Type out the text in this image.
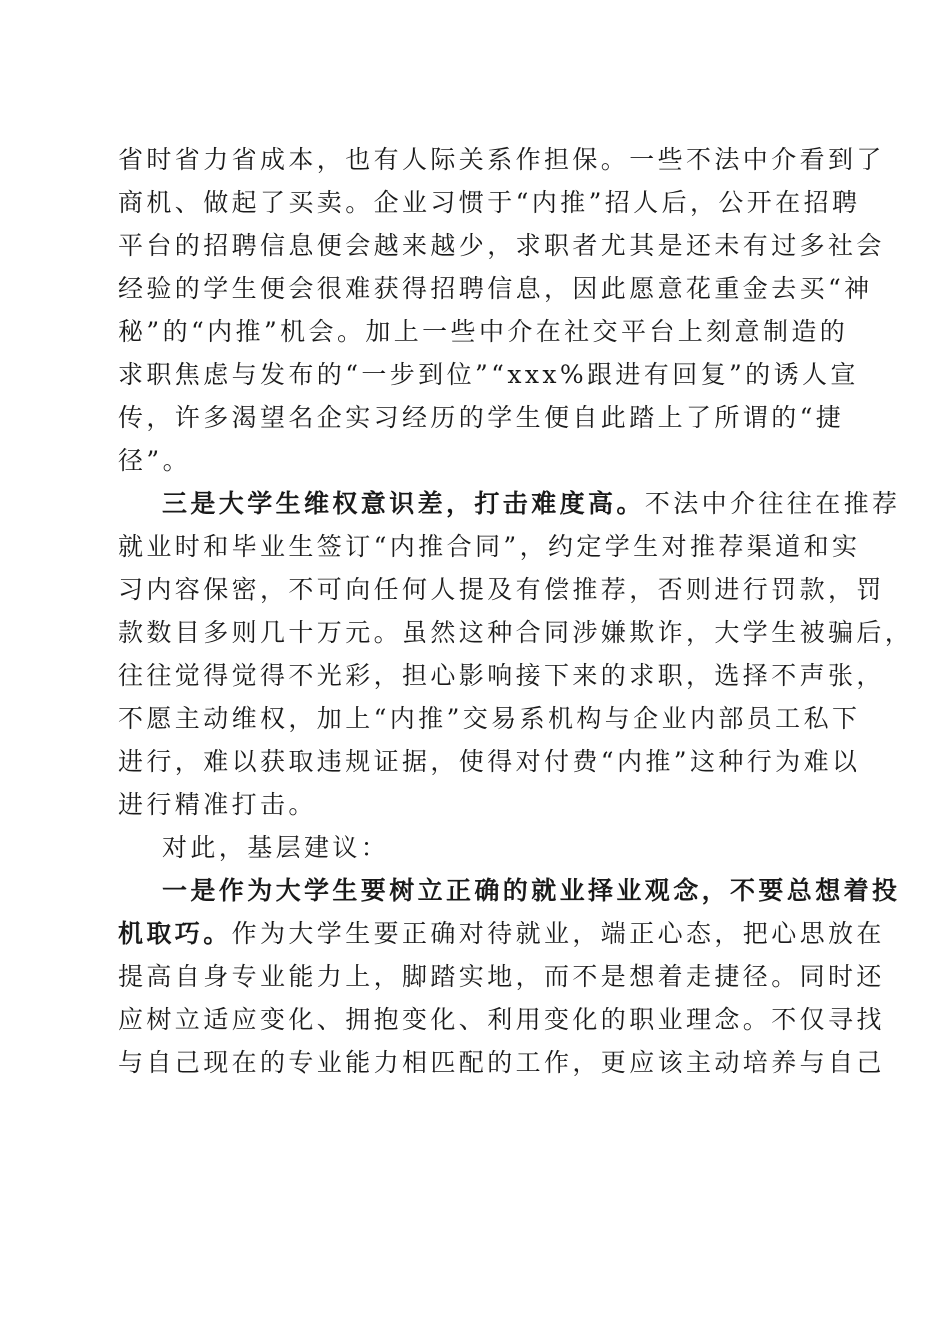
省时省力省成本，也有人际关系作担保。一些不法中介看到了
商机、做起了买卖。企业习惯于“内推”招人后，公开在招聘
平台的招聘信息便会越来越少，求职者尤其是还未有过多社会
经验的学生便会很难获得招聘信息，因此愿意花重金去买“神
秘”的“内推”机会。加上一些中介在社交平台上刻意制造的
求职焦虑与发布的“一步到位”“xxx%跟进有回复”的诱人宣
传，许多渴望名企实习经历的学生便自此踏上了所谓的“捷
径”。
三是大学生维权意识差，打击难度高。不法中介往往在推荐
就业时和毕业生签订“内推合同”，约定学生对推荐渠道和实
习内容保密，不可向任何人提及有偿推荐，否则进行罚款，罚
款数目多则几十万元。虽然这种合同涉嫌欺诈，大学生被骗后，
往往觉得觉得不光彩，担心影响接下来的求职，选择不声张，
不愿主动维权，加上“内推”交易系机构与企业内部员工私下
进行，难以获取违规证据，使得对付费“内推”这种行为难以
进行精准打击。
对此，基层建议：
一是作为大学生要树立正确的就业择业观念，不要总想着投
机取巧。作为大学生要正确对待就业，端正心态，把心思放在
提高自身专业能力上，脚踏实地，而不是想着走捷径。同时还
应树立适应变化、拥抱变化、利用变化的职业理念。不仅寻找
与自己现在的专业能力相匹配的工作，更应该主动培养与自己
